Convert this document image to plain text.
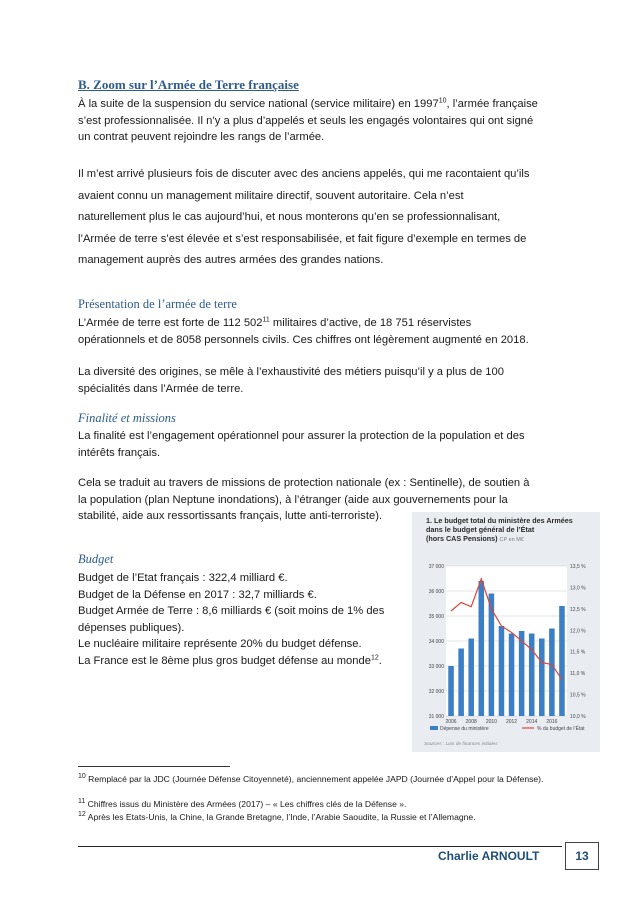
B. Zoom sur l’Armée de Terre française

À la suite de la suspension du service national (service militaire) en 1997$^{10}$, l’armée française
s’est professionnalisée. Il n’y a plus d’appelés et seuls les engagés volontaires qui ont signé
un contrat peuvent rejoindre les rangs de l’armée.
Il m’est arrivé plusieurs fois de discuter avec des anciens appelés, qui me racontaient qu’ils
avaient connu un management militaire directif, souvent autoritaire. Cela n’est
naturellement plus le cas aujourd’hui, et nous monterons qu’en se professionnalisant,
l’Armée de terre s’est élevée et s’est responsabilisée, et fait figure d’exemple en termes de
management auprès des autres armées des grandes nations.

Présentation de l’armée de terre

L’Armée de terre est forte de 112 $502^{11}$ militaires d’active, de 18 751 réservistes
opérationnels et de 8058 personnels civils. Ces chiffres ont légèrement augmenté en 2018.
La diversité des origines, se mêle à l’exhaustivité des métiers puisqu’il y a plus de 100
spécialités dans l’Armée de terre.

Finalité et missions

La finalité est l’engagement opérationnel pour assurer la protection de la population et des
intérêts français.
Cela se traduit au travers de missions de protection nationale (ex : Sentinelle), de soutien à
la population (plan Neptune inondations), à l’étranger (aide aux gouvernements pour la
stabilité, aide aux ressortissants français, lutte anti-terroriste).

Budget

Budget de l’Etat français : 322,4 milliard €.
Budget de la Défense en 2017 : 32,7 milliards €.
Budget Armée de Terre : 8,6 milliards € (soit moins de 1% des
dépenses publiques).
Le nucléaire militaire représente 20% du budget défense.
La France est le 8ème plus gros budget défense au monde$^{12}$.

1. Le budget total du ministère des Armées
dans le budget général de l’État
(hors CAS Pensions) CP en M€

37 000
36 000
35 000
34 000
33 000
32 000
31 000
13,5 %
13,0 %
12,5 %
12,0 %
11,5 %
11,0 %
10,5 %
10,0 %
2006 2008 2010 2012 2014 2016
Dépense du ministère	% du budget de l’État
Sources : Lois de finances initiales

$^{10}$ Remplacé par la JDC (Journée Défense Citoyenneté), anciennement appelée JAPD (Journée d’Appel pour la Défense).

$^{11}$ Chiffres issus du Ministère des Armées (2017) – « Les chiffres clés de la Défense ».

$^{12}$ Après les Etats-Unis, la Chine, la Grande Bretagne, l’Inde, l’Arabie Saoudite, la Russie et l’Allemagne.

Charlie ARNOULT	13
